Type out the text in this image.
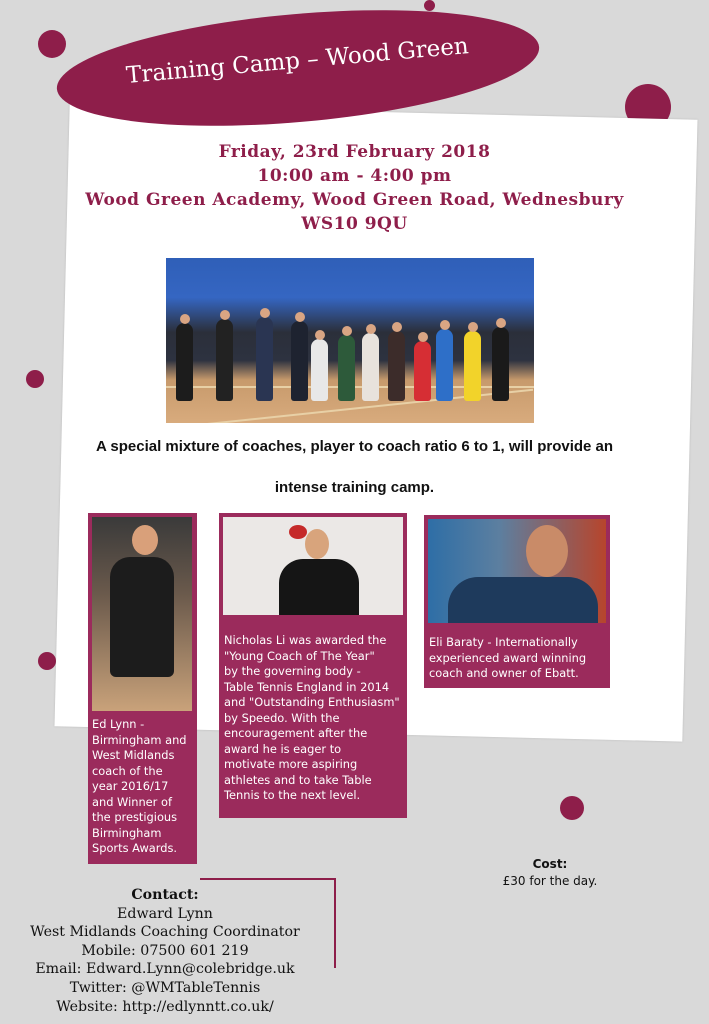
Training Camp – Wood Green
Friday, 23rd February 2018
10:00 am - 4:00 pm
Wood Green Academy, Wood Green Road, Wednesbury
WS10 9QU
A special mixture of coaches, player to coach ratio 6 to 1, will provide an
intense training camp.
Ed Lynn -
Birmingham and
West Midlands
coach of the
year 2016/17
and Winner of
the prestigious
Birmingham
Sports Awards.
Nicholas Li was awarded the
"Young Coach of The Year"
by the governing body -
Table Tennis England in 2014
and "Outstanding Enthusiasm"
by Speedo. With the
encouragement after the
award he is eager to
motivate more aspiring
athletes and to take Table
Tennis to the next level.
Eli Baraty - Internationally
experienced award winning
coach and owner of Ebatt.
Contact:
Edward Lynn
West Midlands Coaching Coordinator
Mobile: 07500 601 219
Email: Edward.Lynn@colebridge.uk
Twitter: @WMTableTennis
Website: http://edlynntt.co.uk/
Cost:
£30 for the day.
